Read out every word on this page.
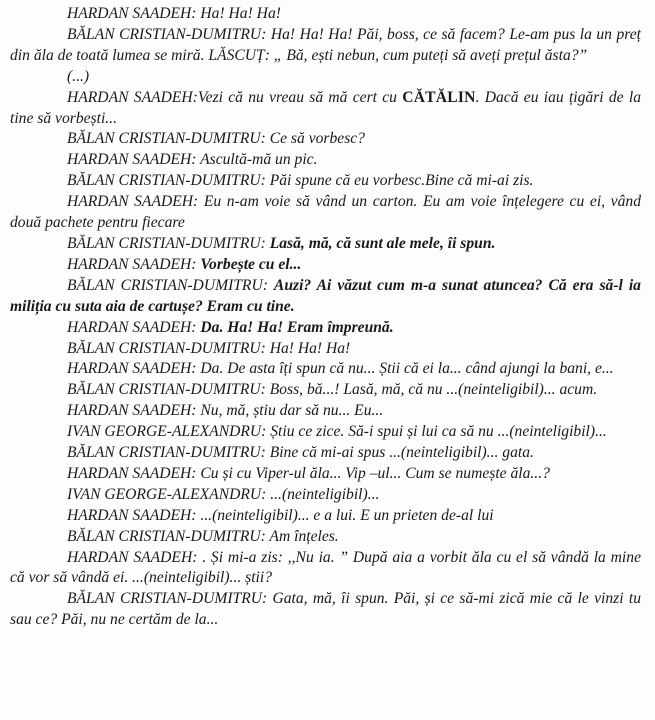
HARDAN SAADEH: Ha! Ha! Ha!

BĂLAN CRISTIAN-DUMITRU: Ha! Ha! Ha! Păi, boss, ce să facem? Le-am pus la un preț din ăla de toată lumea se miră. LĂSCUȚ: „ Bă, ești nebun, cum puteți să aveți prețul ăsta?”

(...)

HARDAN SAADEH:Vezi că nu vreau să mă cert cu CĂTĂLIN. Dacă eu iau țigări de la tine să vorbești...

BĂLAN CRISTIAN-DUMITRU: Ce să vorbesc?

HARDAN SAADEH: Ascultă-mă un pic.

BĂLAN CRISTIAN-DUMITRU: Păi spune că eu vorbesc.Bine că mi-ai zis.

HARDAN SAADEH: Eu n-am voie să vând un carton. Eu am voie înțelegere cu ei, vând două pachete pentru fiecare

BĂLAN CRISTIAN-DUMITRU: Lasă, mă, că sunt ale mele, îi spun.

HARDAN SAADEH: Vorbește cu el...

BĂLAN CRISTIAN-DUMITRU: Auzi? Ai văzut cum m-a sunat atuncea? Că era să-l ia miliția cu suta aia de cartușe? Eram cu tine.

HARDAN SAADEH: Da. Ha! Ha! Eram împreună.

BĂLAN CRISTIAN-DUMITRU: Ha! Ha! Ha!

HARDAN SAADEH: Da. De asta îți spun că nu... Știi că ei la... când ajungi la bani, e...

BĂLAN CRISTIAN-DUMITRU: Boss, bă...! Lasă, mă, că nu ...(neinteligibil)... acum.

HARDAN SAADEH: Nu, mă, știu dar să nu... Eu...

IVAN GEORGE-ALEXANDRU: Știu ce zice. Să-i spui și lui ca să nu ...(neinteligibil)...

BĂLAN CRISTIAN-DUMITRU: Bine că mi-ai spus ...(neinteligibil)... gata.

HARDAN SAADEH: Cu și cu Viper-ul ăla... Vip –ul... Cum se numește ăla...?

IVAN GEORGE-ALEXANDRU: ...(neinteligibil)...

HARDAN SAADEH: ...(neinteligibil)... e a lui. E un prieten de-al lui

BĂLAN CRISTIAN-DUMITRU: Am înțeles.

HARDAN SAADEH: . Și mi-a zis: ,,Nu ia. ” După aia a vorbit ăla cu el să vândă la mine că vor să vândă ei. ...(neinteligibil)... știi?

BĂLAN CRISTIAN-DUMITRU: Gata, mă, îi spun. Păi, și ce să-mi zică mie că le vinzi tu sau ce? Păi, nu ne certăm de la...
